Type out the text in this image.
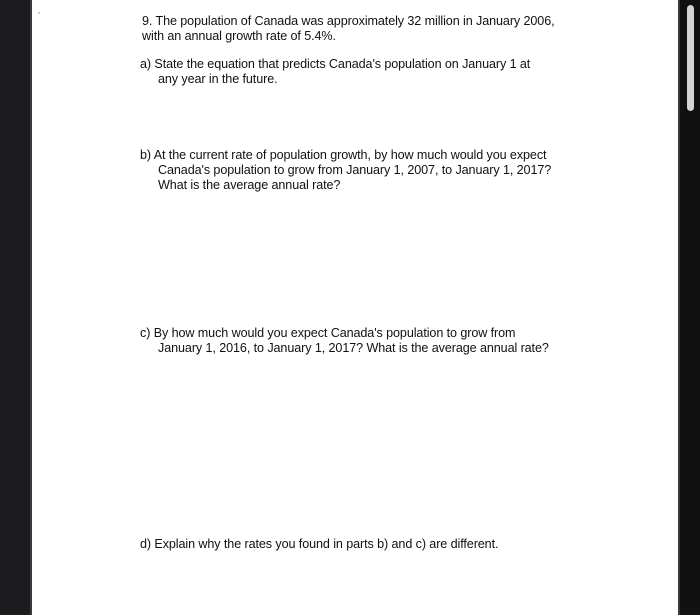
9. The population of Canada was approximately 32 million in January 2006,
with an annual growth rate of 5.4%.
a) State the equation that predicts Canada's population on January 1 at
any year in the future.
b) At the current rate of population growth, by how much would you expect
Canada's population to grow from January 1, 2007, to January 1, 2017?
What is the average annual rate?
c) By how much would you expect Canada's population to grow from
January 1, 2016, to January 1, 2017? What is the average annual rate?
d) Explain why the rates you found in parts b) and c) are different.
